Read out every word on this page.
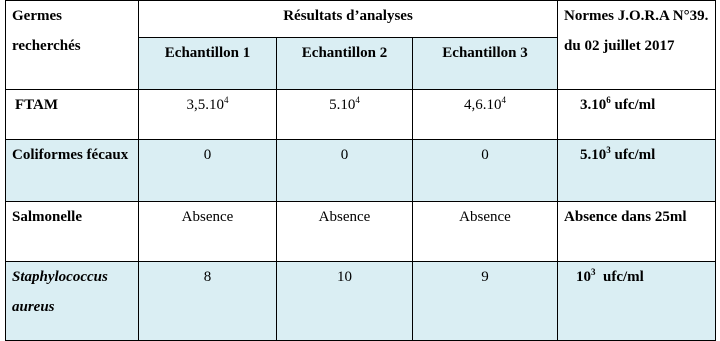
Germes recherchés	Résultats d’analyses			Normes J.O.R.A N°39. du 02 juillet 2017
	Echantillon 1	Echantillon 2	Echantillon 3	
FTAM	3,5.10$^4$	5.10$^4$	4,6.10$^4$	3.10$^6$ ufc/ml
Coliformes fécaux	0	0	0	5.10$^3$ ufc/ml
Salmonelle	Absence	Absence	Absence	Absence dans 25ml
Staphylococcus aureus	8	10	9	$10^3$  ufc/ml
